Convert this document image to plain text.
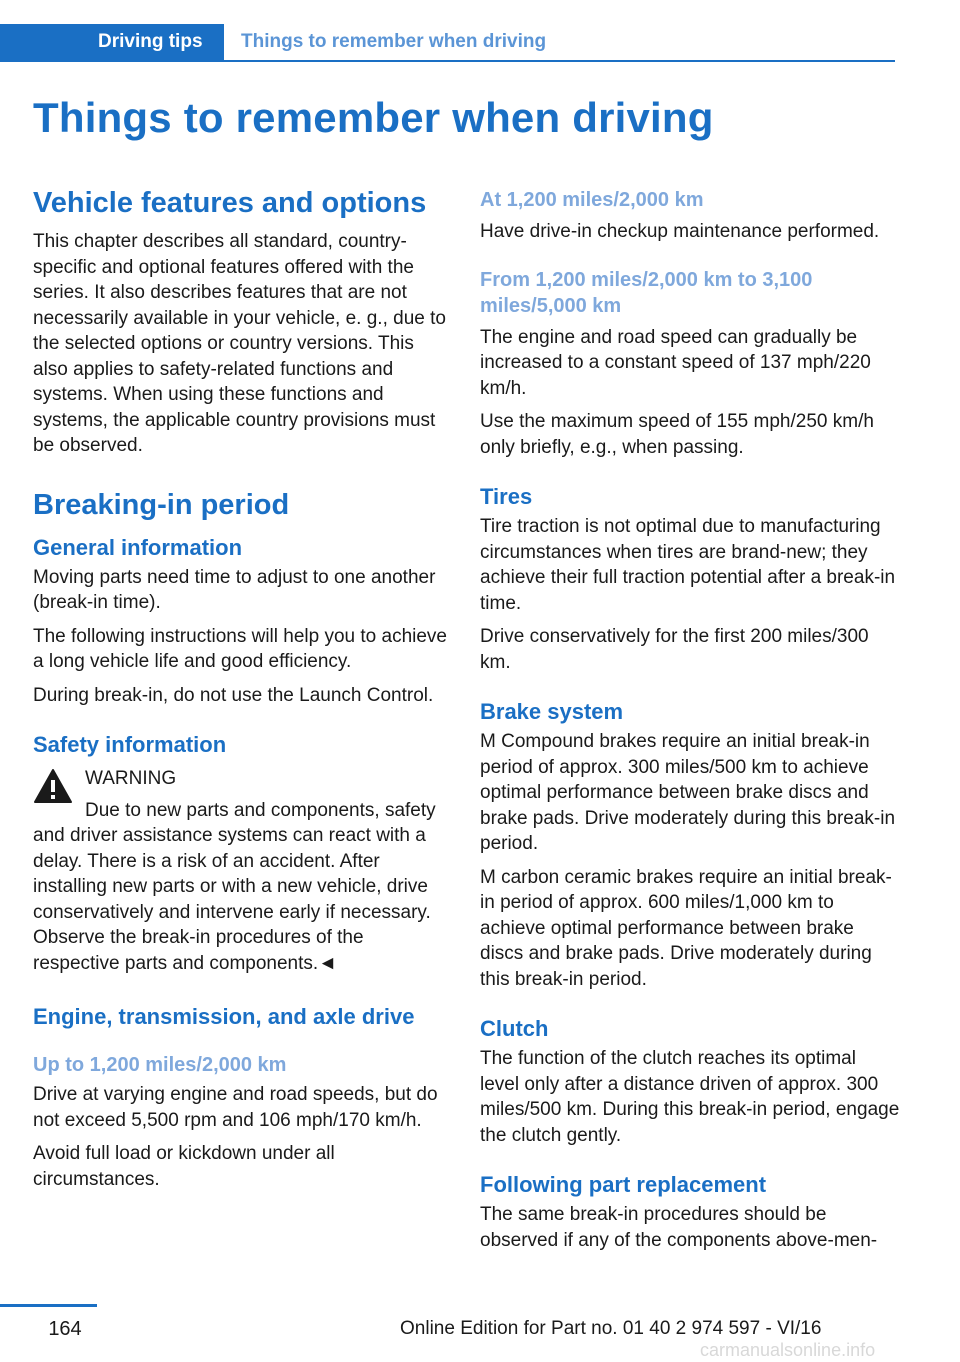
Driving tips	Things to remember when driving
Things to remember when driving
Vehicle features and options

This chapter describes all standard, country-specific and optional features offered with the series. It also describes features that are not necessarily available in your vehicle, e. g., due to the selected options or country versions. This also applies to safety-related functions and systems. When using these functions and systems, the applicable country provisions must be observed.

Breaking-in period
General information

Moving parts need time to adjust to one another (break-in time).

The following instructions will help you to achieve a long vehicle life and good efficiency.

During break-in, do not use the Launch Control.

Safety information
WARNING

Due to new parts and components, safety and driver assistance systems can react with a delay. There is a risk of an accident. After installing new parts or with a new vehicle, drive conservatively and intervene early if necessary. Observe the break-in procedures of the respective parts and components.◄

Engine, transmission, and axle drive
Up to 1,200 miles/2,000 km

Drive at varying engine and road speeds, but do not exceed 5,500 rpm and 106 mph/170 km/h.

Avoid full load or kickdown under all circumstances.

At 1,200 miles/2,000 km

Have drive-in checkup maintenance performed.

From 1,200 miles/2,000 km to 3,100 miles/5,000 km

The engine and road speed can gradually be increased to a constant speed of 137 mph/220 km/h.

Use the maximum speed of 155 mph/250 km/h only briefly, e.g., when passing.

Tires

Tire traction is not optimal due to manufacturing circumstances when tires are brand-new; they achieve their full traction potential after a break-in time.

Drive conservatively for the first 200 miles/300 km.

Brake system

M Compound brakes require an initial break-in period of approx. 300 miles/500 km to achieve optimal performance between brake discs and brake pads. Drive moderately during this break-in period.

M carbon ceramic brakes require an initial break-in period of approx. 600 miles/1,000 km to achieve optimal performance between brake discs and brake pads. Drive moderately during this break-in period.

Clutch

The function of the clutch reaches its optimal level only after a distance driven of approx. 300 miles/500 km. During this break-in period, engage the clutch gently.

Following part replacement

The same break-in procedures should be observed if any of the components above-men-

164	Online Edition for Part no. 01 40 2 974 597 - VI/16
carmanualsonline.info
